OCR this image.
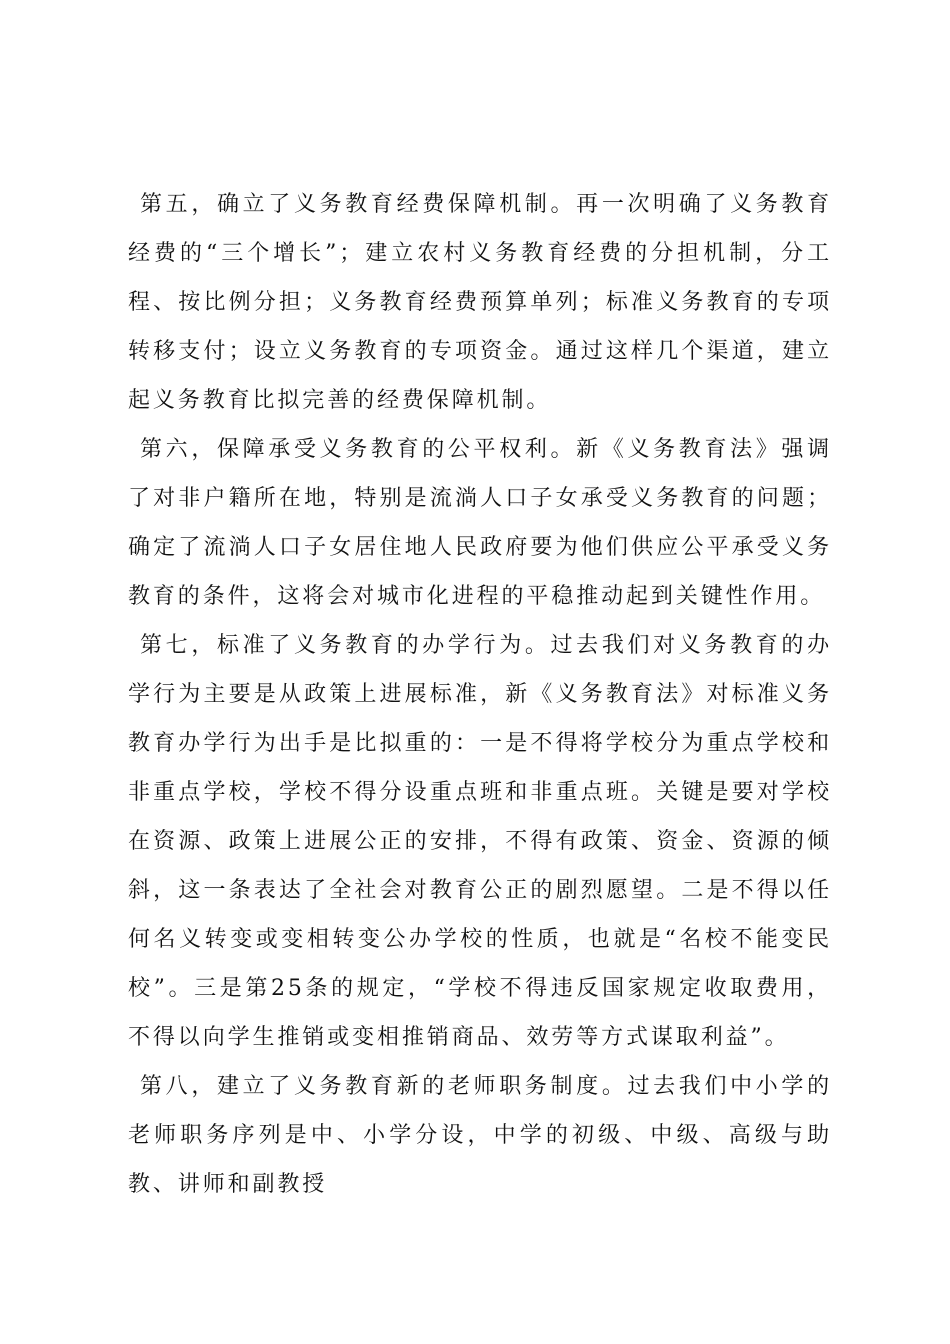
第五，确立了义务教育经费保障机制。再一次明确了义务教育经费的“三个增长”；建立农村义务教育经费的分担机制，分工程、按比例分担；义务教育经费预算单列；标准义务教育的专项转移支付；设立义务教育的专项资金。通过这样几个渠道，建立起义务教育比拟完善的经费保障机制。

第六，保障承受义务教育的公平权利。新《义务教育法》强调了对非户籍所在地，特别是流淌人口子女承受义务教育的问题；确定了流淌人口子女居住地人民政府要为他们供应公平承受义务教育的条件，这将会对城市化进程的平稳推动起到关键性作用。

第七，标准了义务教育的办学行为。过去我们对义务教育的办学行为主要是从政策上进展标准，新《义务教育法》对标准义务教育办学行为出手是比拟重的：一是不得将学校分为重点学校和非重点学校，学校不得分设重点班和非重点班。关键是要对学校在资源、政策上进展公正的安排，不得有政策、资金、资源的倾斜，这一条表达了全社会对教育公正的剧烈愿望。二是不得以任何名义转变或变相转变公办学校的性质，也就是“名校不能变民校”。三是第25条的规定，“学校不得违反国家规定收取费用，不得以向学生推销或变相推销商品、效劳等方式谋取利益”。

第八，建立了义务教育新的老师职务制度。过去我们中小学的老师职务序列是中、小学分设，中学的初级、中级、高级与助教、讲师和副教授
